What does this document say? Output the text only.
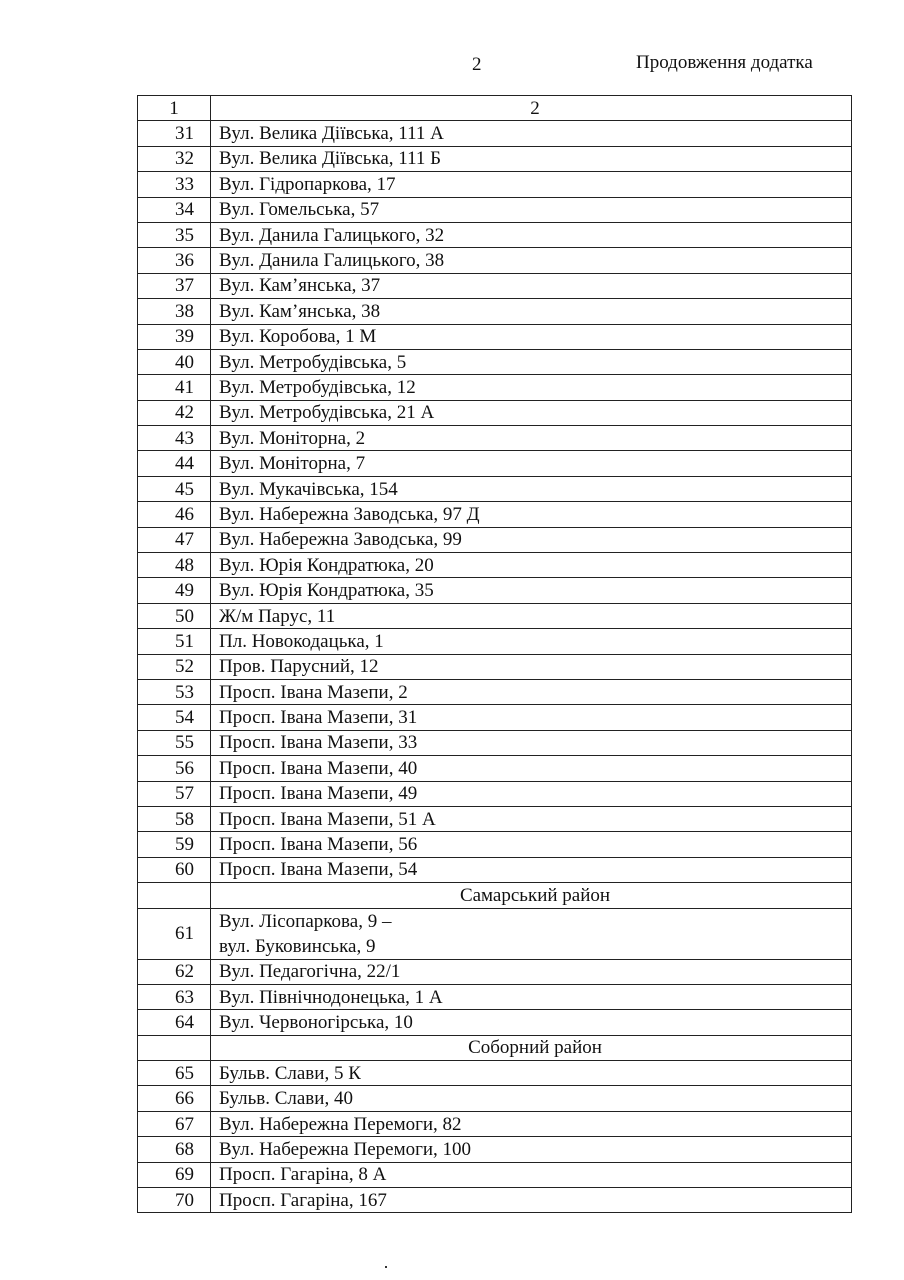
2	Продовження додатка
1	2
31	Вул. Велика Діївська, 111 А
32	Вул. Велика Діївська, 111 Б
33	Вул. Гідропаркова, 17
34	Вул. Гомельська, 57
35	Вул. Данила Галицького, 32
36	Вул. Данила Галицького, 38
37	Вул. Кам’янська, 37
38	Вул. Кам’янська, 38
39	Вул. Коробова, 1 М
40	Вул. Метробудівська, 5
41	Вул. Метробудівська, 12
42	Вул. Метробудівська, 21 А
43	Вул. Моніторна, 2
44	Вул. Моніторна, 7
45	Вул. Мукачівська, 154
46	Вул. Набережна Заводська, 97 Д
47	Вул. Набережна Заводська, 99
48	Вул. Юрія Кондратюка, 20
49	Вул. Юрія Кондратюка, 35
50	Ж/м Парус, 11
51	Пл. Новокодацька, 1
52	Пров. Парусний, 12
53	Просп. Івана Мазепи, 2
54	Просп. Івана Мазепи, 31
55	Просп. Івана Мазепи, 33
56	Просп. Івана Мазепи, 40
57	Просп. Івана Мазепи, 49
58	Просп. Івана Мазепи, 51 А
59	Просп. Івана Мазепи, 56
60	Просп. Івана Мазепи, 54
	Самарський район
61	Вул. Лісопаркова, 9 –
вул. Буковинська, 9

62	Вул. Педагогічна, 22/1
63	Вул. Північнодонецька, 1 А
64	Вул. Червоногірська, 10
	Соборний район
65	Бульв. Слави, 5 К
66	Бульв. Слави, 40
67	Вул. Набережна Перемоги, 82
68	Вул. Набережна Перемоги, 100
69	Просп. Гагаріна, 8 А
70	Просп. Гагаріна, 167
